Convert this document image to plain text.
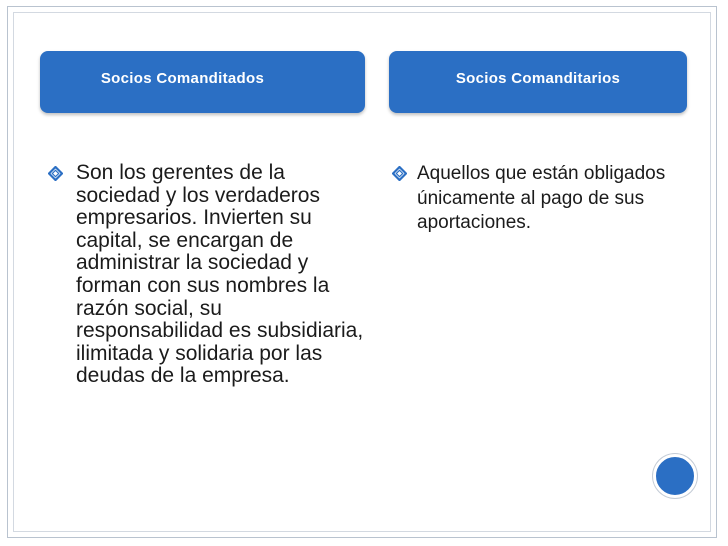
Socios Comanditados	Socios Comanditarios
Son los gerentes de la sociedad y los verdaderos empresarios. Invierten su capital, se encargan de administrar la sociedad y forman con sus nombres la razón social, su responsabilidad es subsidiaria, ilimitada y solidaria por las deudas de la empresa.
Aquellos que están obligados únicamente al pago de sus aportaciones.
